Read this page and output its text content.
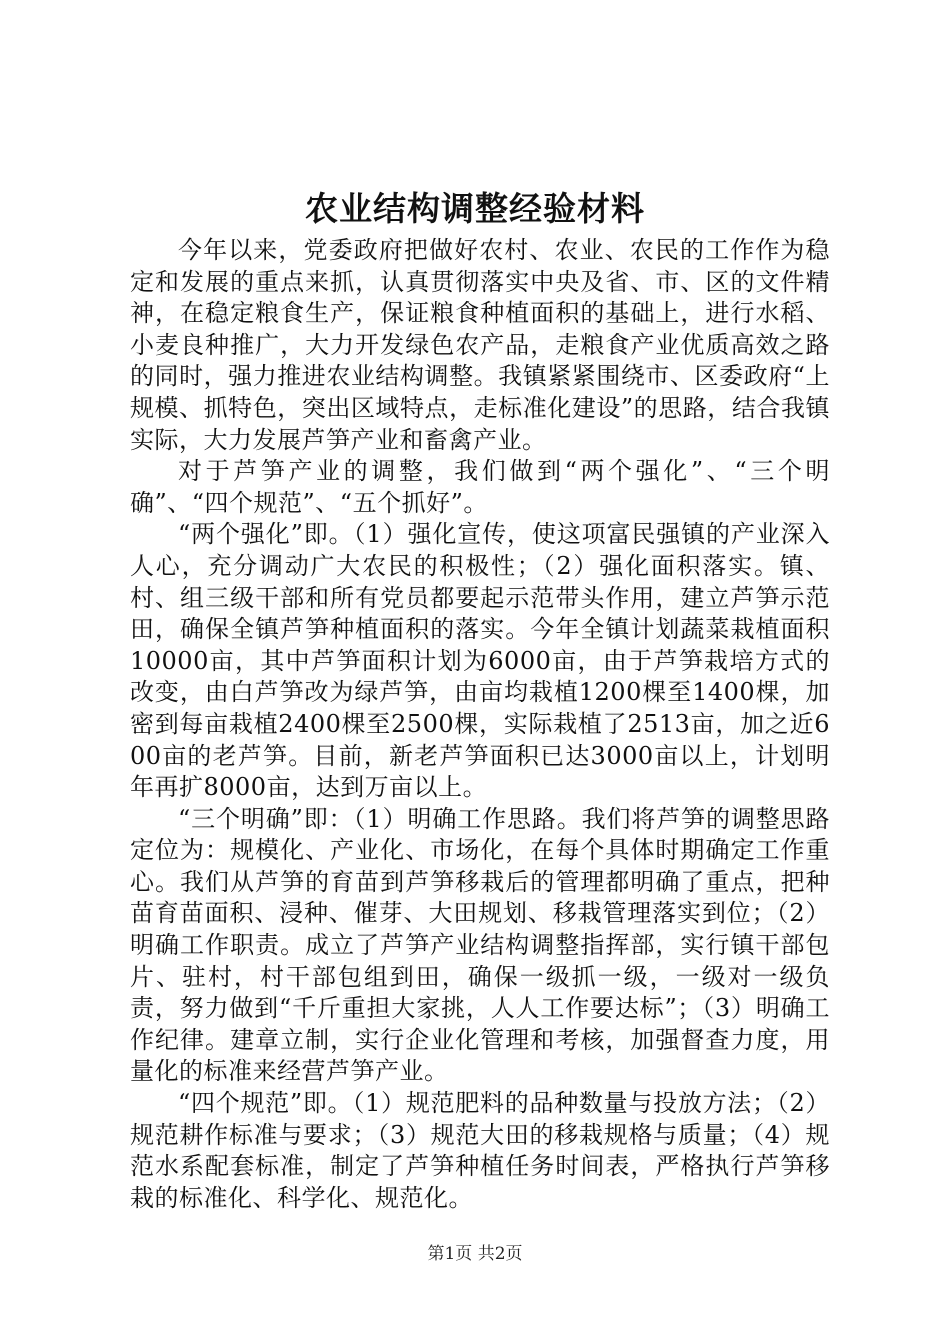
农业结构调整经验材料

今年以来，党委政府把做好农村、农业、农民的工作作为稳定和发展的重点来抓，认真贯彻落实中央及省、市、区的文件精神，在稳定粮食生产，保证粮食种植面积的基础上，进行水稻、小麦良种推广，大力开发绿色农产品，走粮食产业优质高效之路的同时，强力推进农业结构调整。我镇紧紧围绕市、区委政府“上规模、抓特色，突出区域特点，走标准化建设”的思路，结合我镇实际，大力发展芦笋产业和畜禽产业。

对于芦笋产业的调整，我们做到“两个强化”、“三个明确”、“四个规范”、“五个抓好”。

“两个强化”即。（1）强化宣传，使这项富民强镇的产业深入人心，充分调动广大农民的积极性；（2）强化面积落实。镇、村、组三级干部和所有党员都要起示范带头作用，建立芦笋示范田，确保全镇芦笋种植面积的落实。今年全镇计划蔬菜栽植面积10000亩，其中芦笋面积计划为6000亩，由于芦笋栽培方式的改变，由白芦笋改为绿芦笋，由亩均栽植1200棵至1400棵，加密到每亩栽植2400棵至2500棵，实际栽植了2513亩，加之近600亩的老芦笋。目前，新老芦笋面积已达3000亩以上，计划明年再扩8000亩，达到万亩以上。

“三个明确”即：（1）明确工作思路。我们将芦笋的调整思路定位为：规模化、产业化、市场化，在每个具体时期确定工作重心。我们从芦笋的育苗到芦笋移栽后的管理都明确了重点，把种苗育苗面积、浸种、催芽、大田规划、移栽管理落实到位；（2）明确工作职责。成立了芦笋产业结构调整指挥部，实行镇干部包片、驻村，村干部包组到田，确保一级抓一级，一级对一级负责，努力做到“千斤重担大家挑，人人工作要达标”；（3）明确工作纪律。建章立制，实行企业化管理和考核，加强督查力度，用量化的标准来经营芦笋产业。

“四个规范”即。（1）规范肥料的品种数量与投放方法；（2）规范耕作标准与要求；（3）规范大田的移栽规格与质量；（4）规范水系配套标准，制定了芦笋种植任务时间表，严格执行芦笋移栽的标准化、科学化、规范化。

第1页 共2页
